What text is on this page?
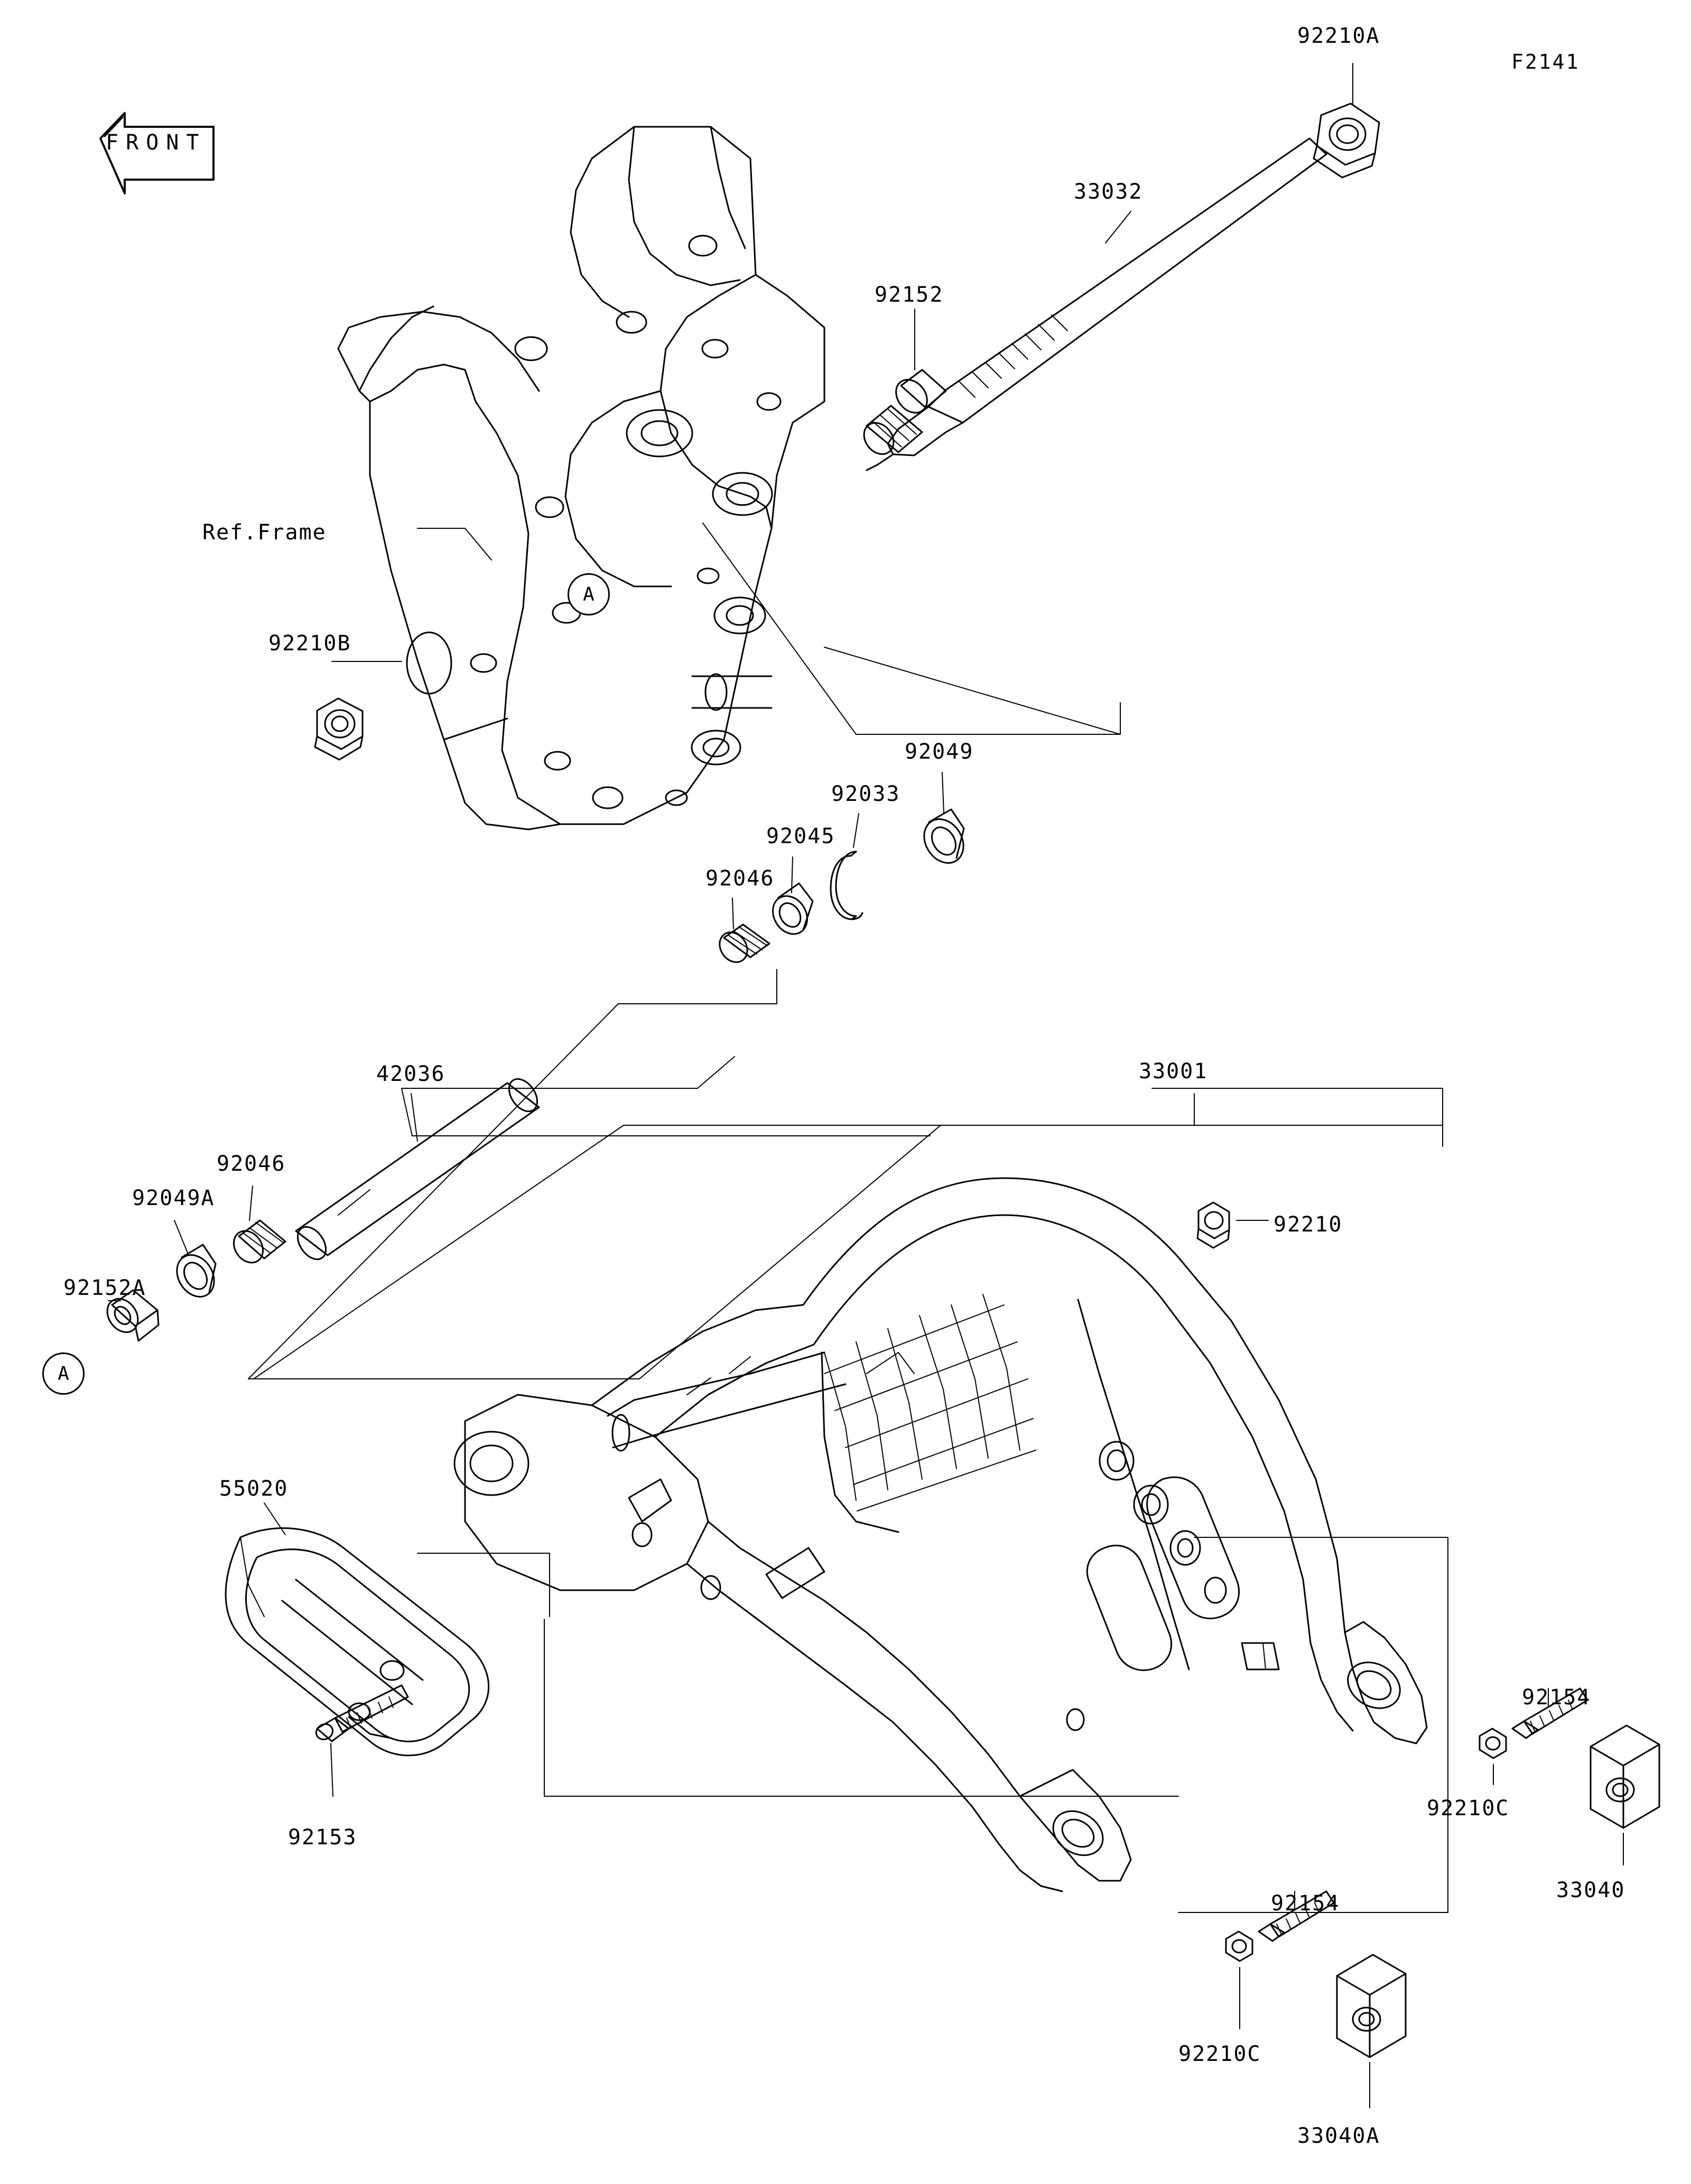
F2141
FRONT
92210A
33032
92152
Ref.Frame
92210B
92049
92033
92045
92046
33001
42036
92046
92049A
92152A
92210
55020
92154
92210C
33040
92153
92154
92210C
33040A
A
A
